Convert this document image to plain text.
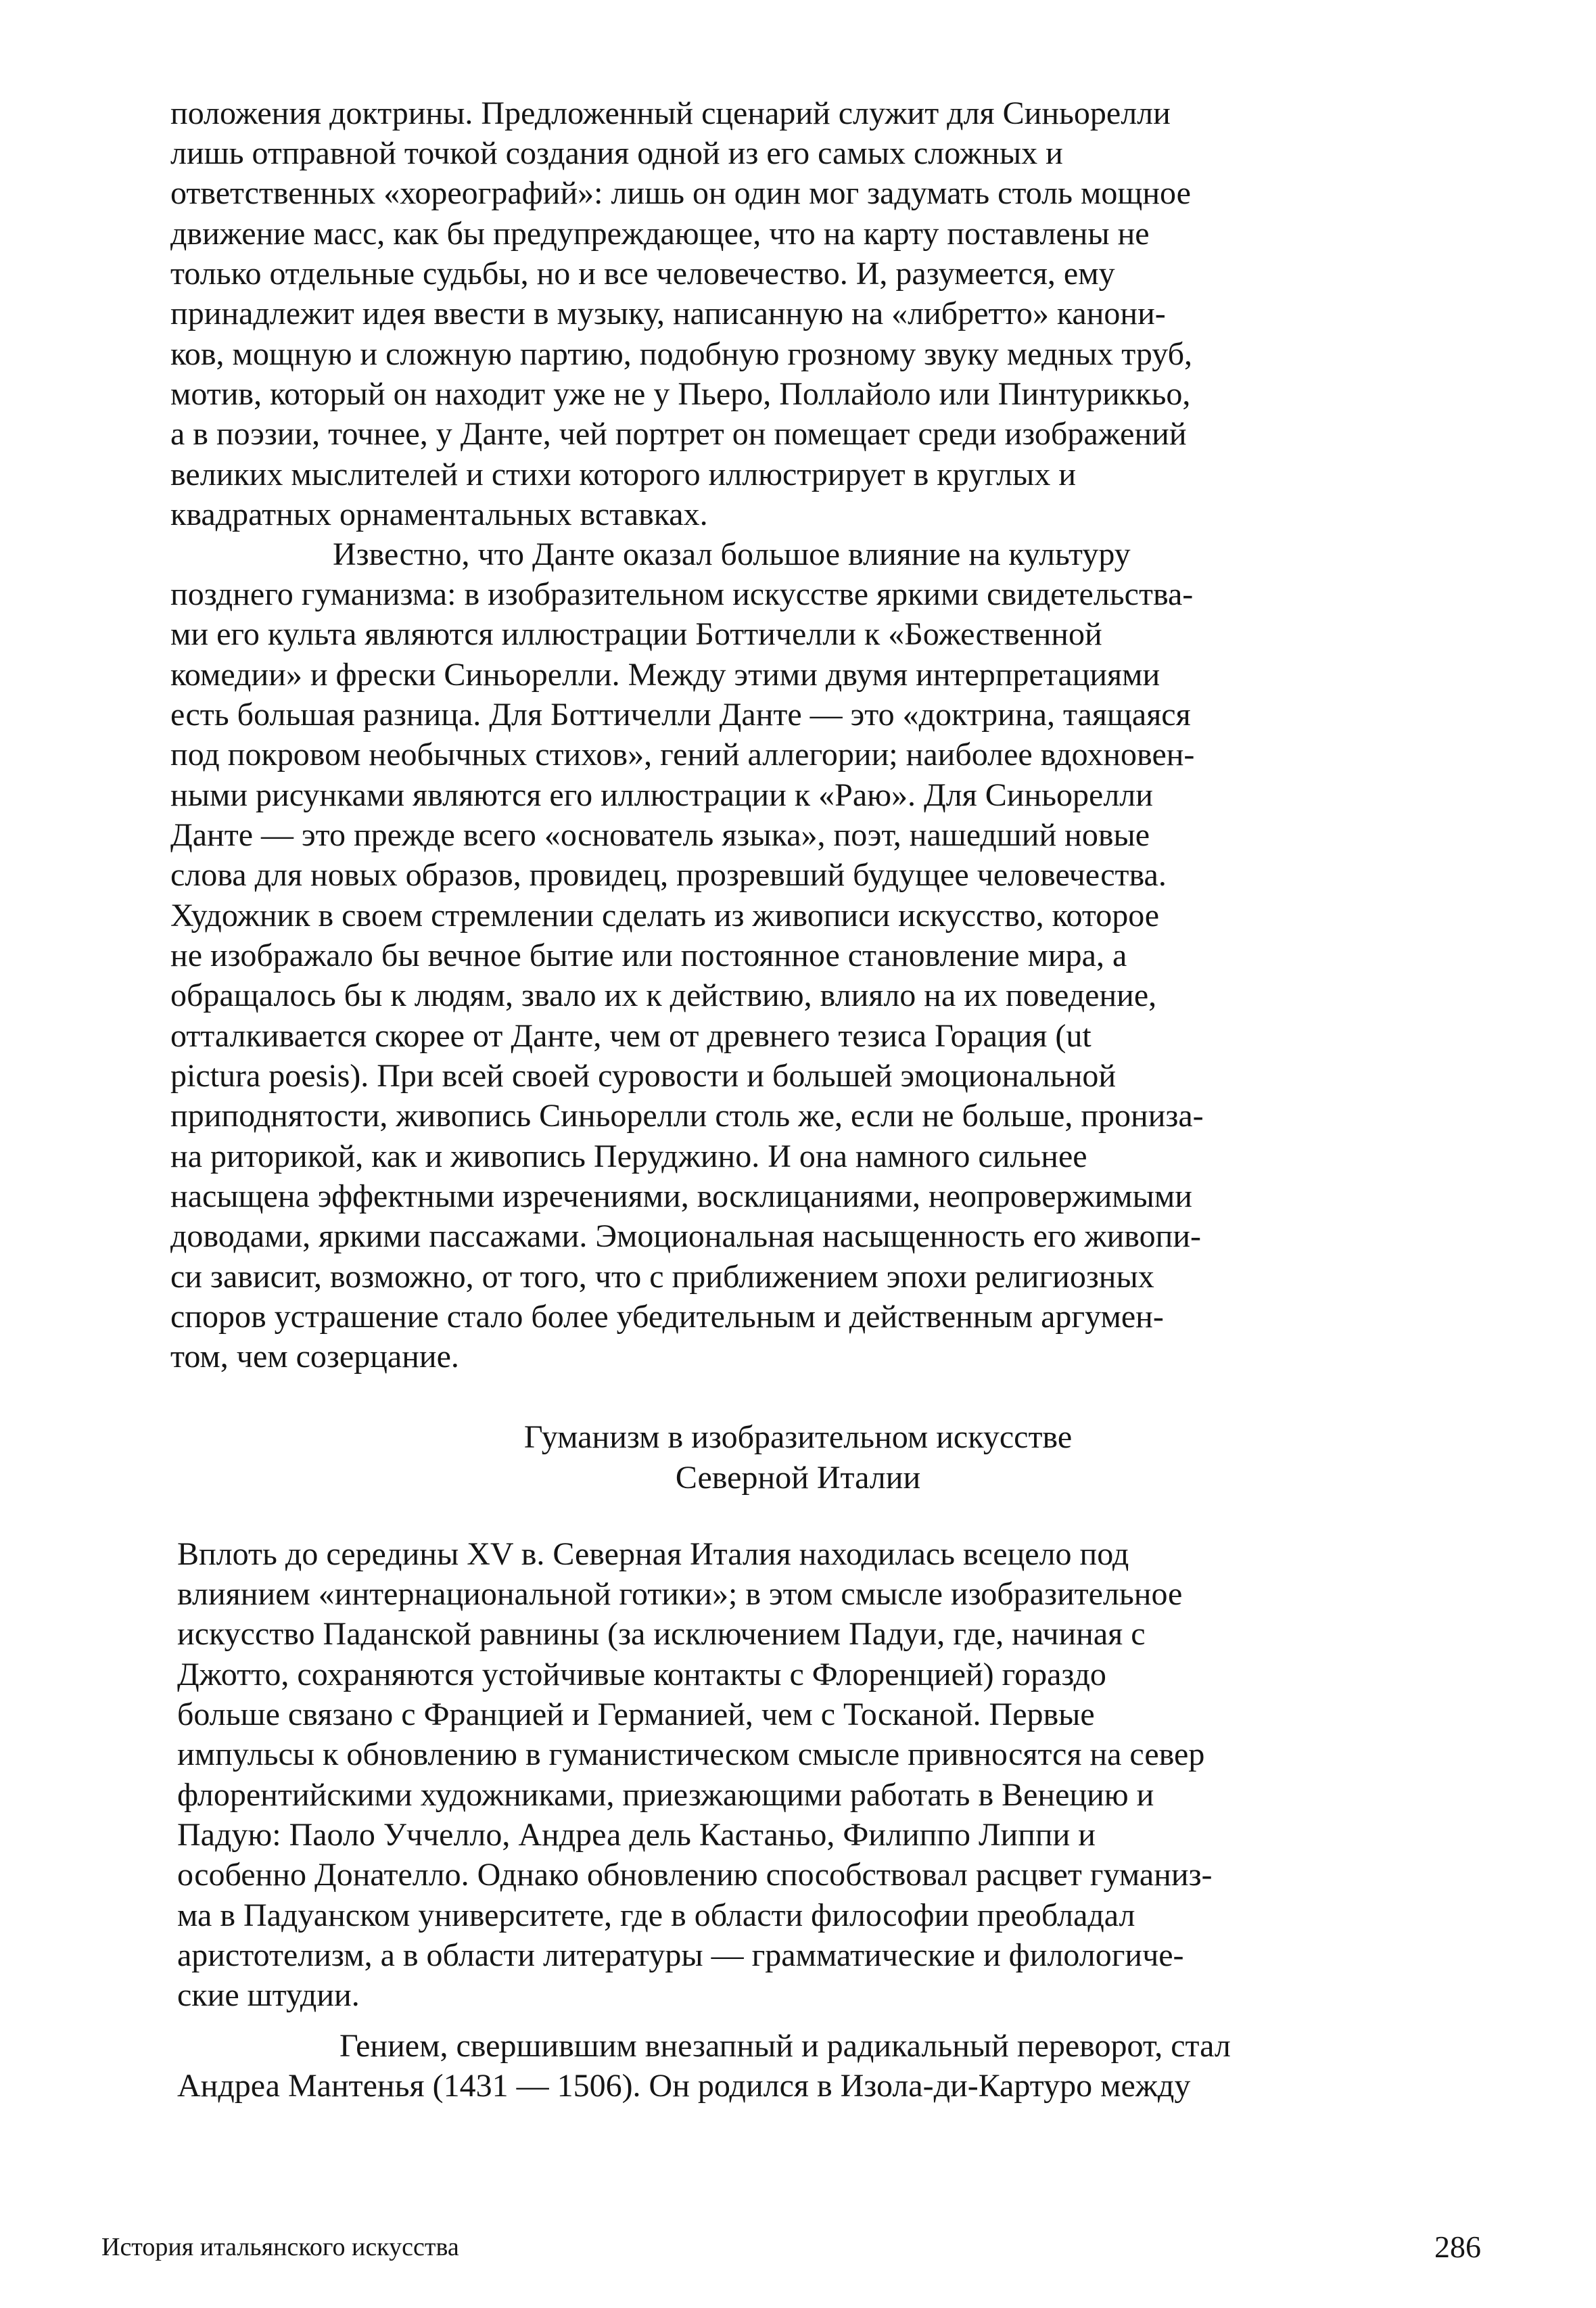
положения доктрины. Предложенный сценарий служит для Синьорелли
лишь отправной точкой создания одной из его самых сложных и
ответственных «хореографий»: лишь он один мог задумать столь мощное
движение масс, как бы предупреждающее, что на карту поставлены не
только отдельные судьбы, но и все человечество. И, разумеется, ему
принадлежит идея ввести в музыку, написанную на «либретто» канони-
ков, мощную и сложную партию, подобную грозному звуку медных труб,
мотив, который он находит уже не у Пьеро, Поллайоло или Пинтуриккьо,
а в поэзии, точнее, у Данте, чей портрет он помещает среди изображений
великих мыслителей и стихи которого иллюстрирует в круглых и
квадратных орнаментальных вставках.
Известно, что Данте оказал большое влияние на культуру
позднего гуманизма: в изобразительном искусстве яркими свидетельства-
ми его культа являются иллюстрации Боттичелли к «Божественной
комедии» и фрески Синьорелли. Между этими двумя интерпретациями
есть большая разница. Для Боттичелли Данте — это «доктрина, таящаяся
под покровом необычных стихов», гений аллегории; наиболее вдохновен-
ными рисунками являются его иллюстрации к «Раю». Для Синьорелли
Данте — это прежде всего «основатель языка», поэт, нашедший новые
слова для новых образов, провидец, прозревший будущее человечества.
Художник в своем стремлении сделать из живописи искусство, которое
не изображало бы вечное бытие или постоянное становление мира, а
обращалось бы к людям, звало их к действию, влияло на их поведение,
отталкивается скорее от Данте, чем от древнего тезиса Горация (ut
pictura poesis). При всей своей суровости и большей эмоциональной
приподнятости, живопись Синьорелли столь же, если не больше, прониза-
на риторикой, как и живопись Перуджино. И она намного сильнее
насыщена эффектными изречениями, восклицаниями, неопровержимыми
доводами, яркими пассажами. Эмоциональная насыщенность его живопи-
си зависит, возможно, от того, что с приближением эпохи религиозных
споров устрашение стало более убедительным и действенным аргумен-
том, чем созерцание.
Гуманизм в изобразительном искусстве
Северной Италии
Вплоть до середины XV в. Северная Италия находилась всецело под
влиянием «интернациональной готики»; в этом смысле изобразительное
искусство Паданской равнины (за исключением Падуи, где, начиная с
Джотто, сохраняются устойчивые контакты с Флоренцией) гораздо
больше связано с Францией и Германией, чем с Тосканой. Первые
импульсы к обновлению в гуманистическом смысле привносятся на север
флорентийскими художниками, приезжающими работать в Венецию и
Падую: Паоло Уччелло, Андреа дель Кастаньо, Филиппо Липпи и
особенно Донателло. Однако обновлению способствовал расцвет гуманиз-
ма в Падуанском университете, где в области философии преобладал
аристотелизм, а в области литературы — грамматические и филологиче-
ские штудии.
Гением, свершившим внезапный и радикальный переворот, стал
Андреа Мантенья (1431 — 1506). Он родился в Изола-ди-Картуро между
История итальянского искусства	286
